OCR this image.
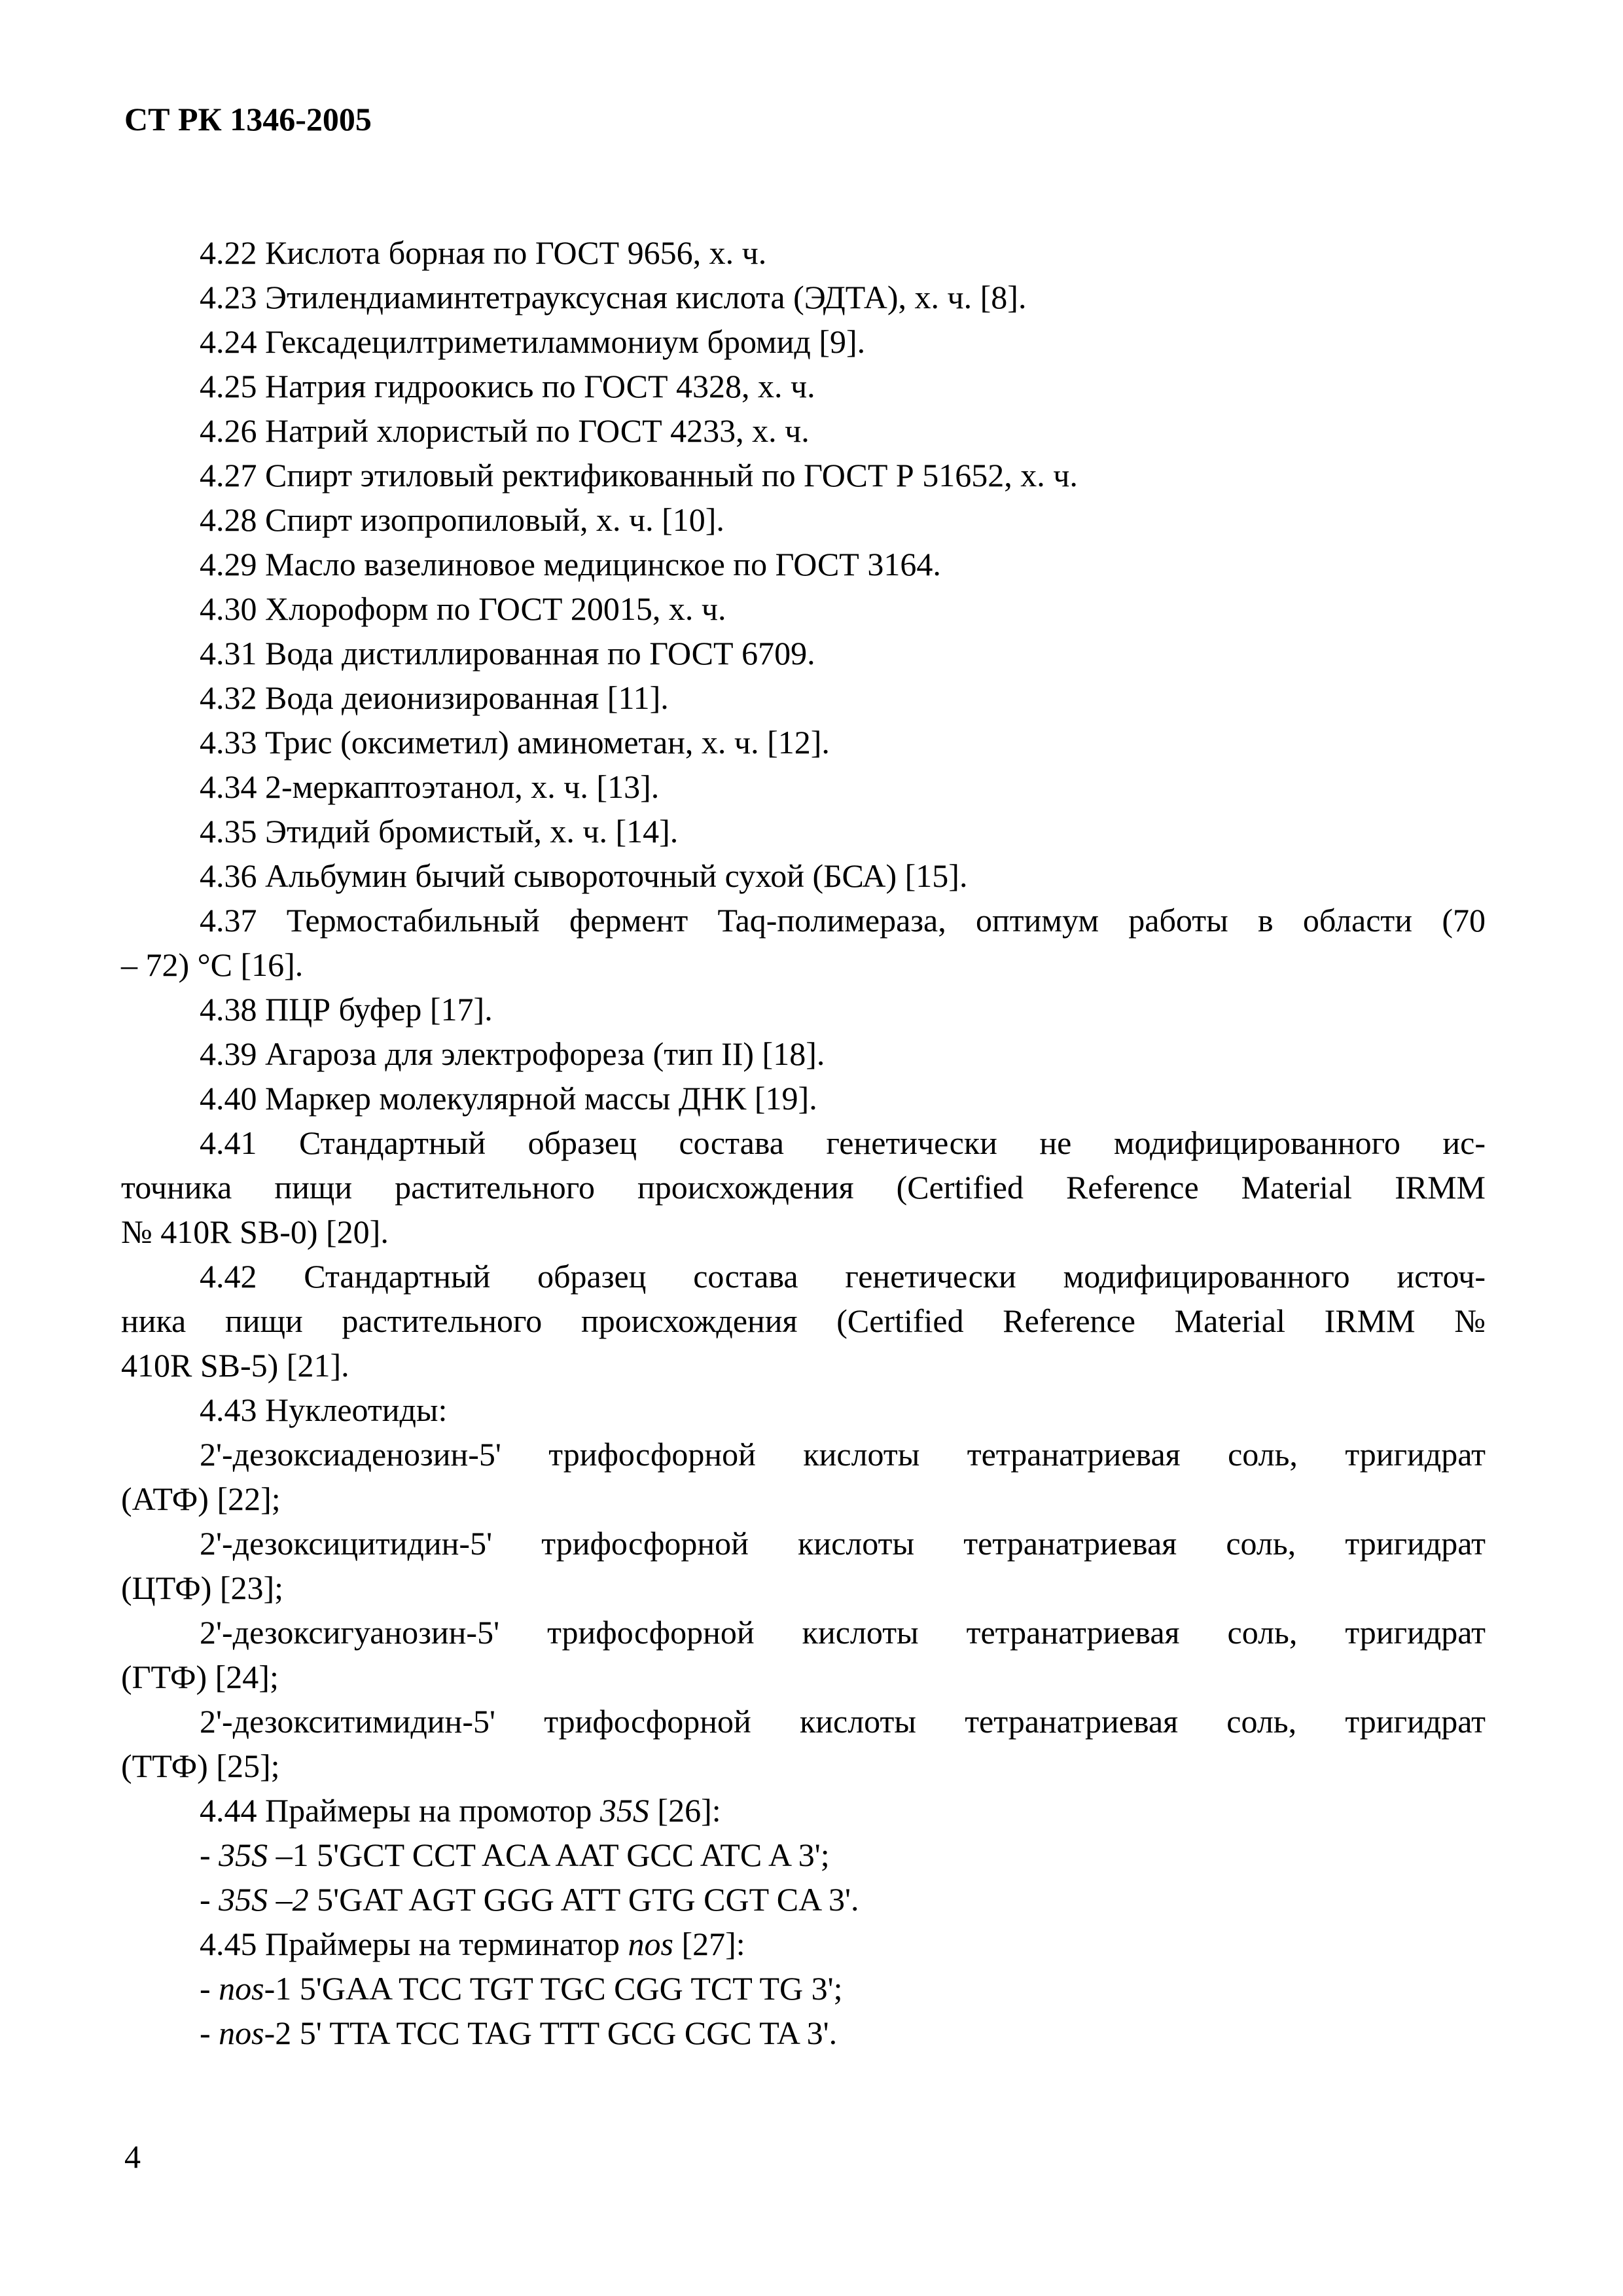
СТ РК 1346-2005

4.22 Кислота борная по ГОСТ 9656, х. ч.

4.23 Этилендиаминтетрауксусная кислота (ЭДТА), х. ч. [8].

4.24 Гексадецилтриметиламмониум бромид [9].

4.25 Натрия гидроокись по ГОСТ 4328, х. ч.

4.26 Натрий хлористый по ГОСТ 4233, х. ч.

4.27 Спирт этиловый ректификованный по ГОСТ Р 51652, х. ч.

4.28 Спирт изопропиловый, х. ч. [10].

4.29 Масло вазелиновое медицинское по ГОСТ 3164.

4.30 Хлороформ по ГОСТ 20015, х. ч.

4.31 Вода дистиллированная по ГОСТ 6709.

4.32 Вода деионизированная [11].

4.33 Трис (оксиметил) аминометан, х. ч. [12].

4.34 2-меркаптоэтанол, х. ч. [13].

4.35 Этидий бромистый, х. ч. [14].

4.36 Альбумин бычий сывороточный сухой (БСА) [15].

4.37 Термостабильный фермент Taq-полимераза, оптимум работы в области (70

– 72) °С [16].

4.38 ПЦР буфер [17].

4.39 Агароза для электрофореза (тип II) [18].

4.40 Маркер молекулярной массы ДНК [19].

4.41 Стандартный образец состава генетически не модифицированного ис-

точника пищи растительного происхождения (Certified Reference Material IRMM

№ 410R SB-0) [20].

4.42 Стандартный образец состава генетически модифицированного источ-

ника пищи растительного происхождения (Certified Reference Material IRMM №

410R SB-5) [21].

4.43 Нуклеотиды:

2'-дезоксиаденозин-5' трифосфорной кислоты тетранатриевая соль, тригидрат

(АТФ) [22];

2'-дезоксицитидин-5' трифосфорной кислоты тетранатриевая соль, тригидрат

(ЦТФ) [23];

2'-дезоксигуанозин-5' трифосфорной кислоты тетранатриевая соль, тригидрат

(ГТФ) [24];

2'-дезокситимидин-5' трифосфорной кислоты тетранатриевая соль, тригидрат

(ТТФ) [25];

4.44 Праймеры на промотор 35S [26]:

- 35S –1 5'GCT CCT ACA AAT GCC ATC A 3';

- 35S –2 5'GAT AGT GGG ATT GTG CGT CA 3'.

4.45 Праймеры на терминатор nos [27]:

- nos-1 5'GAA TCC TGT TGC CGG TCT TG 3';

- nos-2 5' TTA TCC TAG TTT GCG CGC TA 3'.

4
